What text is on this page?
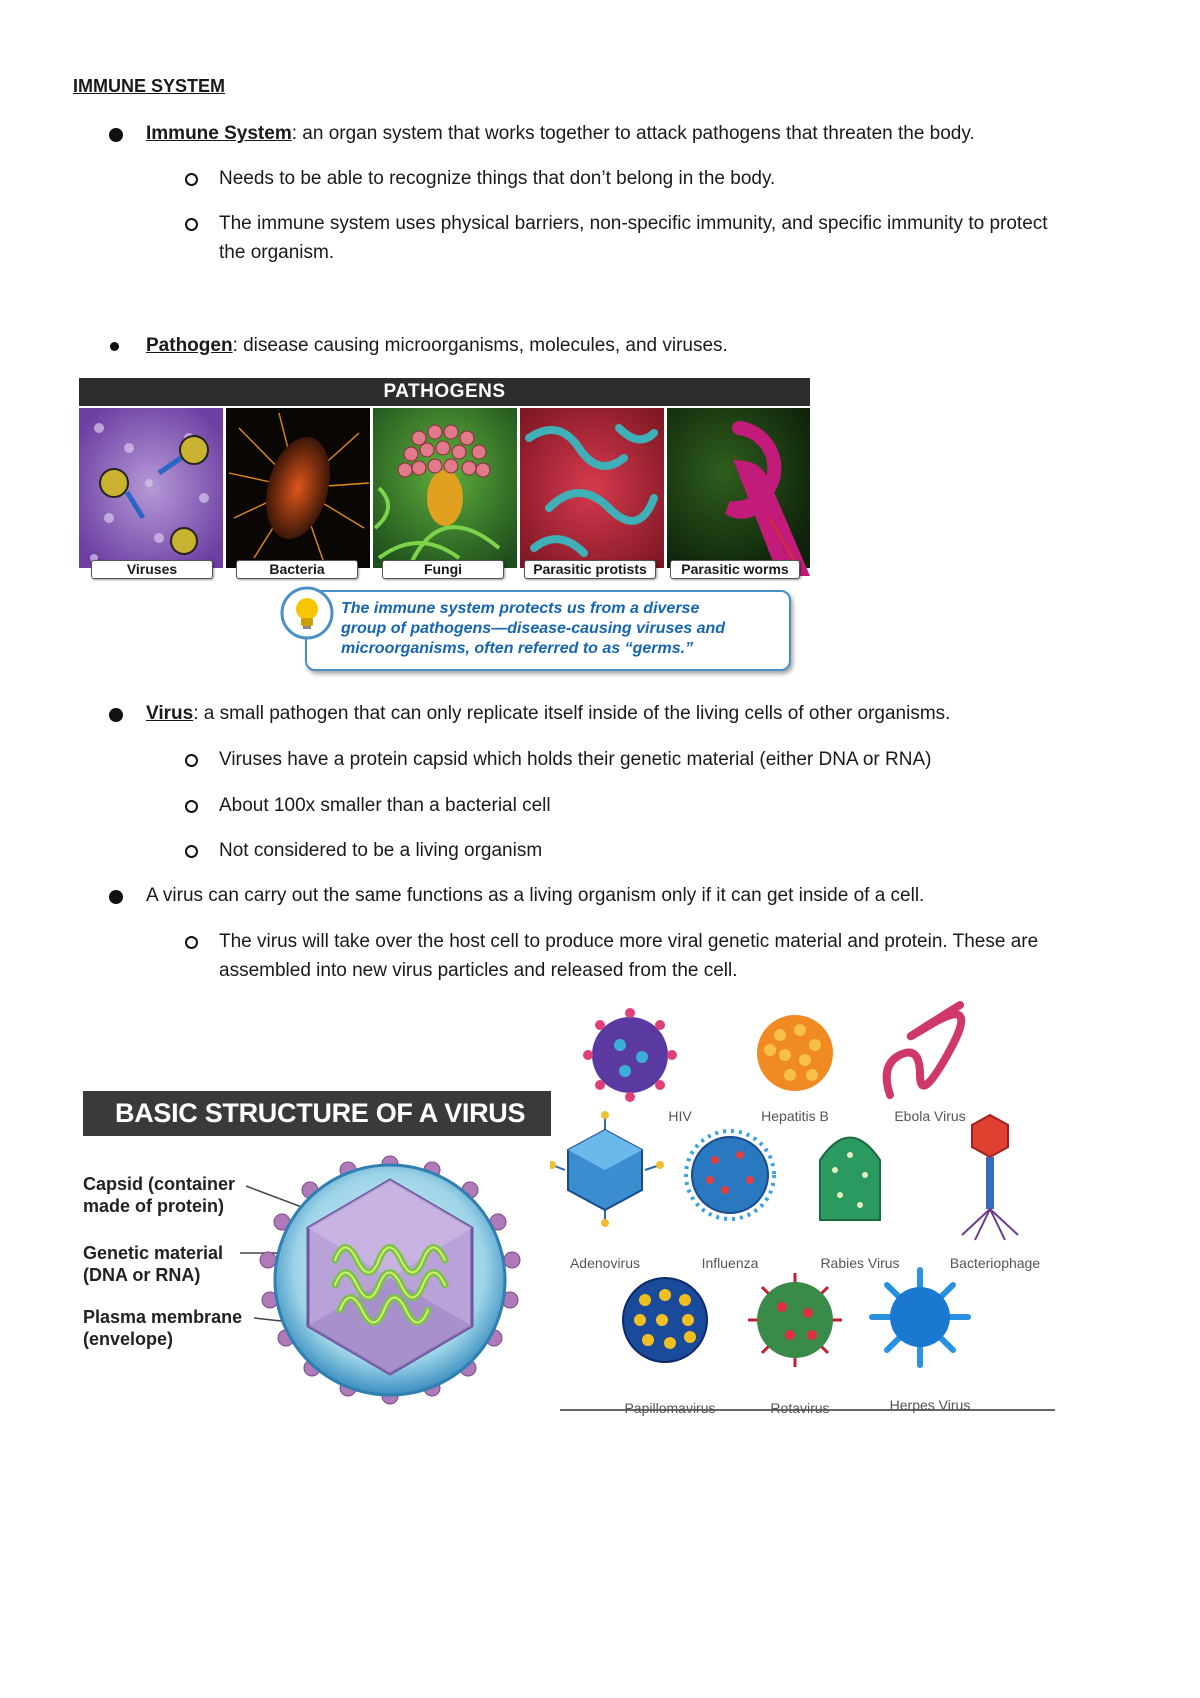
IMMUNE SYSTEM
Immune System: an organ system that works together to attack pathogens that threaten the body.
Needs to be able to recognize things that don’t belong in the body.
The immune system uses physical barriers, non-specific immunity, and specific immunity to protect
the organism.
Pathogen: disease causing microorganisms, molecules, and viruses.
PATHOGENS
Viruses	Bacteria	Fungi	Parasitic protists	Parasitic worms
The immune system protects us from a diverse
group of pathogens—disease-causing viruses and
microorganisms, often referred to as “germs.”
Virus: a small pathogen that can only replicate itself inside of the living cells of other organisms.
Viruses have a protein capsid which holds their genetic material (either DNA or RNA)
About 100x smaller than a bacterial cell
Not considered to be a living organism
A virus can carry out the same functions as a living organism only if it can get inside of a cell.
The virus will take over the host cell to produce more viral genetic material and protein. These are
assembled into new virus particles and released from the cell.
BASIC STRUCTURE OF A VIRUS
Capsid (container
made of protein)
Genetic material
(DNA or RNA)
Plasma membrane
(envelope)
HIV	Hepatitis B	Ebola Virus
Adenovirus	Influenza	Rabies Virus	Bacteriophage
Papillomavirus	Rotavirus	Herpes Virus
